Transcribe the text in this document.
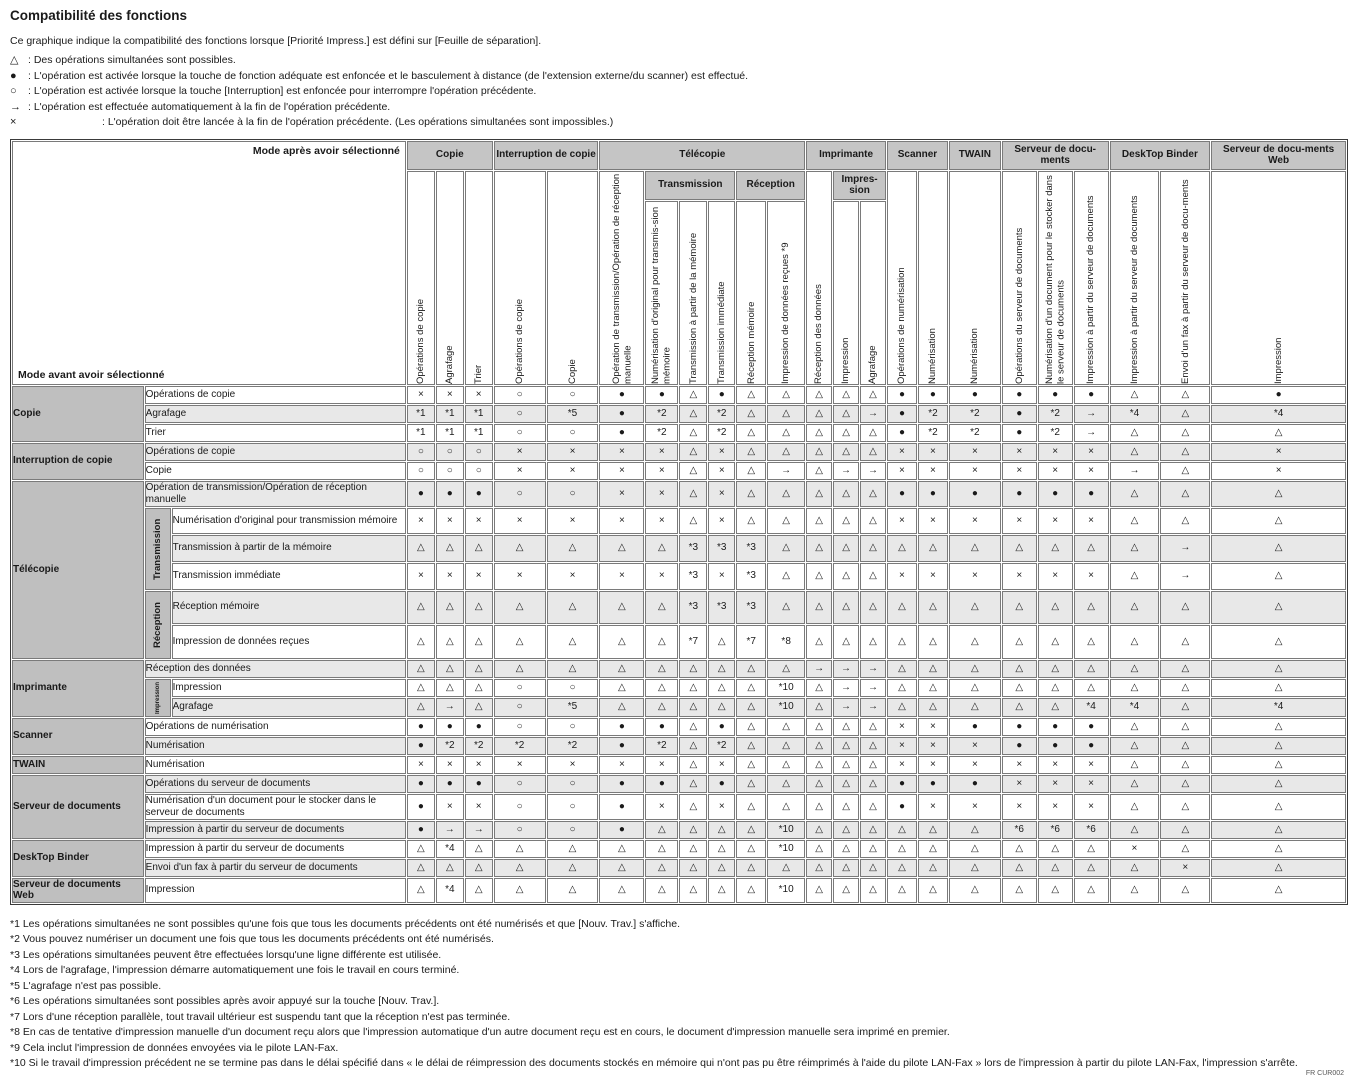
Compatibilité des fonctions
Ce graphique indique la compatibilité des fonctions lorsque [Priorité Impress.] est défini sur [Feuille de séparation].
△ : Des opérations simultanées sont possibles.
●	: L'opération est activée lorsque la touche de fonction adéquate est enfoncée et le basculement à distance (de l'extension externe/du scanner) est effectué.
○	: L'opération est activée lorsque la touche [Interruption] est enfoncée pour interrompre l'opération précédente.
→ : L'opération est effectuée automatiquement à la fin de l'opération précédente.
×	: L'opération doit être lancée à la fin de l'opération précédente. (Les opérations simultanées sont impossibles.)
Mode après avoir sélectionné
Mode avant avoir sélectionné			Copie			Interruption de copie		Télécopie						Imprimante			Scanner		TWAIN	Serveur de docu-ments			DeskTop Binder		Serveur de docu-ments Web

			Opérations de copie	Agrafage	Trier	Opérations de copie	Copie	Opération de transmission/Opération de réception manuelle	Transmission			Réception		Réception des données	Impres-sion		Opérations de numérisation	Numérisation	Numérisation	Opérations du serveur de documents	Numérisation d'un document pour le stocker dans le serveur de documents	Impression à partir du serveur de documents	Impression à partir du serveur de documents	Envoi d'un fax à partir du serveur de docu-ments	Impression

									Numérisation d'original pour transmis-sion mémoire	Transmission à partir de la mémoire	Transmission immédiate	Réception mémoire	Impression de données reçues *9		Impression	Agrafage									

Copie	Opérations de copie		×	×	×	○	○	●	●	△	●	△	△	△	△	△	●	●	●	●	●	●	△	△	●
	Agrafage		*1	*1	*1	○	*5	●	*2	△	*2	△	△	△	△	→	●	*2	*2	●	*2	→	*4	△	*4
	Trier		*1	*1	*1	○	○	●	*2	△	*2	△	△	△	△	△	●	*2	*2	●	*2	→	△	△	△
Interruption de copie	Opérations de copie		○	○	○	×	×	×	×	△	×	△	△	△	△	△	×	×	×	×	×	×	△	△	×
	Copie		○	○	○	×	×	×	×	△	×	△	→	△	→	→	×	×	×	×	×	×	→	△	×
Télécopie	Opération de transmission/Opération de réception manuelle		●	●	●	○	○	×	×	△	×	△	△	△	△	△	●	●	●	●	●	●	△	△	△

	Transmission	Numérisation d'original pour transmission mémoire	×	×	×	×	×	×	×	△	×	△	△	△	△	△	×	×	×	×	×	×	△	△	△
		Transmission à partir de la mémoire	△	△	△	△	△	△	△	*3	*3	*3	△	△	△	△	△	△	△	△	△	△	△	→	△
		Transmission immédiate	×	×	×	×	×	×	×	*3	×	*3	△	△	△	△	×	×	×	×	×	×	△	→	△

	Réception	Réception mémoire	△	△	△	△	△	△	△	*3	*3	*3	△	△	△	△	△	△	△	△	△	△	△	△	△
		Impression de données reçues	△	△	△	△	△	△	△	*7	△	*7	*8	△	△	△	△	△	△	△	△	△	△	△	△
Imprimante	Réception des données		△	△	△	△	△	△	△	△	△	△	△	→	→	→	△	△	△	△	△	△	△	△	△

	Impression	Impression	△	△	△	○	○	△	△	△	△	△	*10	△	→	→	△	△	△	△	△	△	△	△	△
		Agrafage	△	→	△	○	*5	△	△	△	△	△	*10	△	→	→	△	△	△	△	△	*4	*4	△	*4
Scanner	Opérations de numérisation		●	●	●	○	○	●	●	△	●	△	△	△	△	△	×	×	●	●	●	●	△	△	△
	Numérisation		●	*2	*2	*2	*2	●	*2	△	*2	△	△	△	△	△	×	×	×	●	●	●	△	△	△
TWAIN	Numérisation		×	×	×	×	×	×	×	△	×	△	△	△	△	△	×	×	×	×	×	×	△	△	△
Serveur de documents	Opérations du serveur de documents		●	●	●	○	○	●	●	△	●	△	△	△	△	△	●	●	●	×	×	×	△	△	△
	Numérisation d'un document pour le stocker dans le serveur de documents		●	×	×	○	○	●	×	△	×	△	△	△	△	△	●	×	×	×	×	×	△	△	△
	Impression à partir du serveur de documents		●	→	→	○	○	●	△	△	△	△	*10	△	△	△	△	△	△	*6	*6	*6	△	△	△
DeskTop Binder	Impression à partir du serveur de documents		△	*4	△	△	△	△	△	△	△	△	*10	△	△	△	△	△	△	△	△	△	×	△	△
	Envoi d'un fax à partir du serveur de documents		△	△	△	△	△	△	△	△	△	△	△	△	△	△	△	△	△	△	△	△	△	×	△
Serveur de documents Web	Impression		△	*4	△	△	△	△	△	△	△	△	*10	△	△	△	△	△	△	△	△	△	△	△	△
*1 Les opérations simultanées ne sont possibles qu'une fois que tous les documents précédents ont été numérisés et que [Nouv. Trav.] s'affiche.
*2 Vous pouvez numériser un document une fois que tous les documents précédents ont été numérisés.
*3 Les opérations simultanées peuvent être effectuées lorsqu'une ligne différente est utilisée.
*4 Lors de l'agrafage, l'impression démarre automatiquement une fois le travail en cours terminé.
*5 L'agrafage n'est pas possible.
*6 Les opérations simultanées sont possibles après avoir appuyé sur la touche [Nouv. Trav.].
*7 Lors d'une réception parallèle, tout travail ultérieur est suspendu tant que la réception n'est pas terminée.
*8 En cas de tentative d'impression manuelle d'un document reçu alors que l'impression automatique d'un autre document reçu est en cours, le document d'impression manuelle sera imprimé en premier.
*9 Cela inclut l'impression de données envoyées via le pilote LAN-Fax.
*10 Si le travail d'impression précédent ne se termine pas dans le délai spécifié dans « le délai de réimpression des documents stockés en mémoire qui n'ont pas pu être réimprimés à l'aide du pilote LAN-Fax » lors de l'impression à partir du pilote LAN-Fax, l'impression s'arrête.
FR CUR002
